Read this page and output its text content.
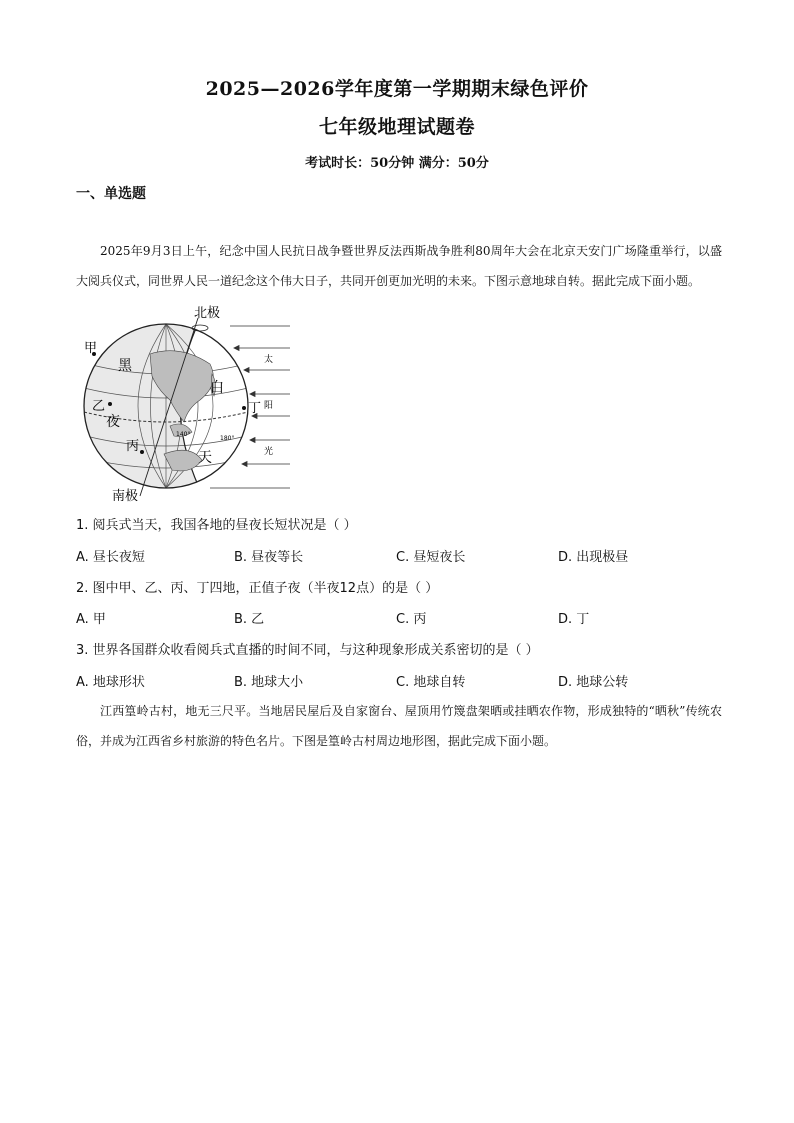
2025—2026学年度第一学期期末绿色评价
七年级地理试题卷
考试时长：50分钟 满分：50分
一、单选题

2025年9月3日上午，纪念中国人民抗日战争暨世界反法西斯战争胜利80周年大会在北京天安门广场隆重举行，以盛大阅兵仪式，同世界人民一道纪念这个伟大日子，共同开创更加光明的未来。下图示意地球自转。据此完成下面小题。

北极
南极
甲
乙
丙
丁
黑
夜
白
天
太
阳
光
140°
180°
1. 阅兵式当天，我国各地的昼夜长短状况是（ ）
A. 昼长夜短	B. 昼夜等长	C. 昼短夜长	D. 出现极昼
2. 图中甲、乙、丙、丁四地，正值子夜（半夜12点）的是（ ）
A. 甲	B. 乙	C. 丙	D. 丁
3. 世界各国群众收看阅兵式直播的时间不同，与这种现象形成关系密切的是（ ）
A. 地球形状	B. 地球大小	C. 地球自转	D. 地球公转

江西篁岭古村，地无三尺平。当地居民屋后及自家窗台、屋顶用竹篾盘架晒或挂晒农作物，形成独特的“晒秋”传统农俗，并成为江西省乡村旅游的特色名片。下图是篁岭古村周边地形图，据此完成下面小题。
